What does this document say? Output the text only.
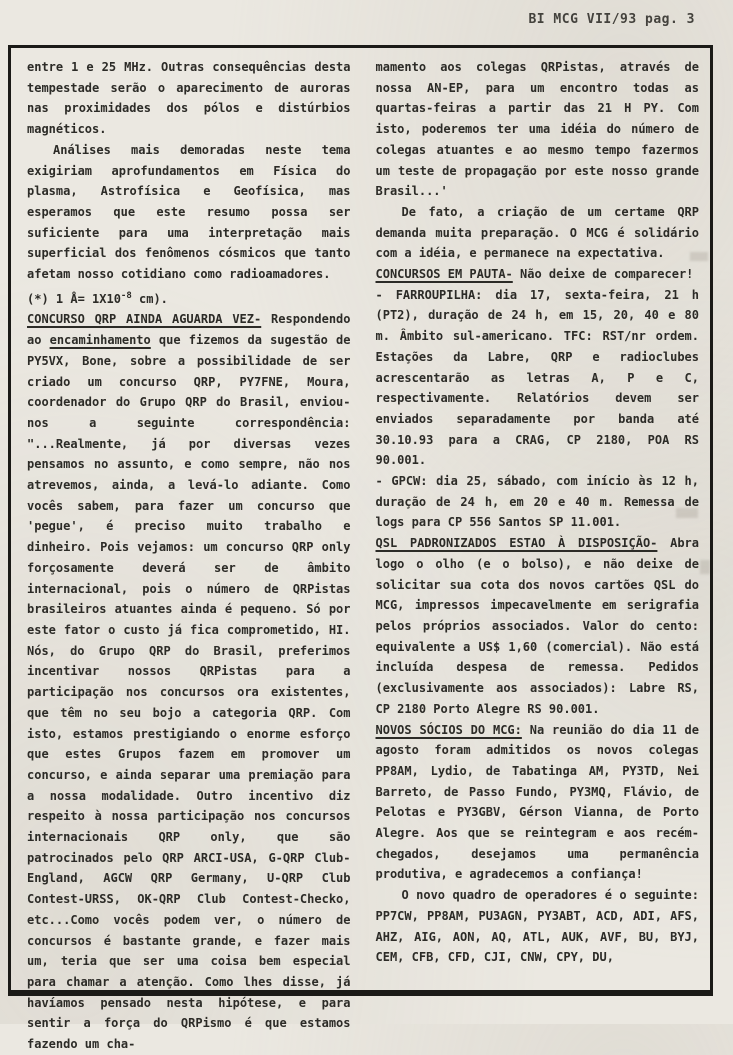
BI MCG VII/93 pag. 3

entre 1 e 25 MHz. Outras consequências desta tempestade serão o aparecimento de auroras nas proximidades dos pólos e distúrbios magnéticos.

Análises mais demoradas neste tema exigiriam aprofundamentos em Física do plasma, Astrofísica e Geofísica, mas esperamos que este resumo possa ser suficiente para uma interpretação mais superficial dos fenômenos cósmicos que tanto afetam nosso cotidiano como radioamadores.

(*) 1 Å= $1X10^{-8}$ cm).

CONCURSO QRP AINDA AGUARDA VEZ- Respondendo ao encaminhamento que fizemos da sugestão de PY5VX, Bone, sobre a possibilidade de ser criado um concurso QRP, PY7FNE, Moura, coordenador do Grupo QRP do Brasil, enviou-nos a seguinte correspondência: "...Realmente, já por diversas vezes pensamos no assunto, e como sempre, não nos atrevemos, ainda, a levá-lo adiante. Como vocês sabem, para fazer um concurso que 'pegue', é preciso muito trabalho e dinheiro. Pois vejamos: um concurso QRP only forçosamente deverá ser de âmbito internacional, pois o número de QRPistas brasileiros atuantes ainda é pequeno. Só por este fator o custo já fica comprometido, HI. Nós, do Grupo QRP do Brasil, preferimos incentivar nossos QRPistas para a participação nos concursos ora existentes, que têm no seu bojo a categoria QRP. Com isto, estamos prestigiando o enorme esforço que estes Grupos fazem em promover um concurso, e ainda separar uma premiação para a nossa modalidade. Outro incentivo diz respeito à nossa participação nos concursos internacionais QRP only, que são patrocinados pelo QRP ARCI-USA, G-QRP Club-England, AGCW QRP Germany, U-QRP Club Contest-URSS, OK-QRP Club Contest-Checko, etc...Como vocês podem ver, o número de concursos é bastante grande, e fazer mais um, teria que ser uma coisa bem especial para chamar a atenção. Como lhes disse, já havíamos pensado nesta hipótese, e para sentir a força do QRPismo é que estamos fazendo um cha-

mamento aos colegas QRPistas, através de nossa AN-EP, para um encontro todas as quartas-feiras a partir das 21 H PY. Com isto, poderemos ter uma idéia do número de colegas atuantes e ao mesmo tempo fazermos um teste de propagação por este nosso grande Brasil...'

De fato, a criação de um certame QRP demanda muita preparação. O MCG é solidário com a idéia, e permanece na expectativa.

CONCURSOS EM PAUTA- Não deixe de comparecer!

- FARROUPILHA: dia 17, sexta-feira, 21 h (PT2), duração de 24 h, em 15, 20, 40 e 80 m. Âmbito sul-americano. TFC: RST/nr ordem. Estações da Labre, QRP e radioclubes acrescentarão as letras A, P e C, respectivamente. Relatórios devem ser enviados separadamente por banda até 30.10.93 para a CRAG, CP 2180, POA RS 90.001.

- GPCW: dia 25, sábado, com início às 12 h, duração de 24 h, em 20 e 40 m. Remessa de logs para CP 556 Santos SP 11.001.

QSL PADRONIZADOS ESTAO À DISPOSIÇÃO- Abra logo o olho (e o bolso), e não deixe de solicitar sua cota dos novos cartões QSL do MCG, impressos impecavelmente em serigrafia pelos próprios associados. Valor do cento: equivalente a US$ 1,60 (comercial). Não está incluída despesa de remessa. Pedidos (exclusivamente aos associados): Labre RS, CP 2180 Porto Alegre RS 90.001.

NOVOS SÓCIOS DO MCG: Na reunião do dia 11 de agosto foram admitidos os novos colegas PP8AM, Lydio, de Tabatinga AM, PY3TD, Nei Barreto, de Passo Fundo, PY3MQ, Flávio, de Pelotas e PY3GBV, Gérson Vianna, de Porto Alegre. Aos que se reintegram e aos recém-chegados, desejamos uma permanência produtiva, e agradecemos a confiança!

O novo quadro de operadores é o seguinte: PP7CW, PP8AM, PU3AGN, PY3ABT, ACD, ADI, AFS, AHZ, AIG, AON, AQ, ATL, AUK, AVF, BU, BYJ, CEM, CFB, CFD, CJI, CNW, CPY, DU,
